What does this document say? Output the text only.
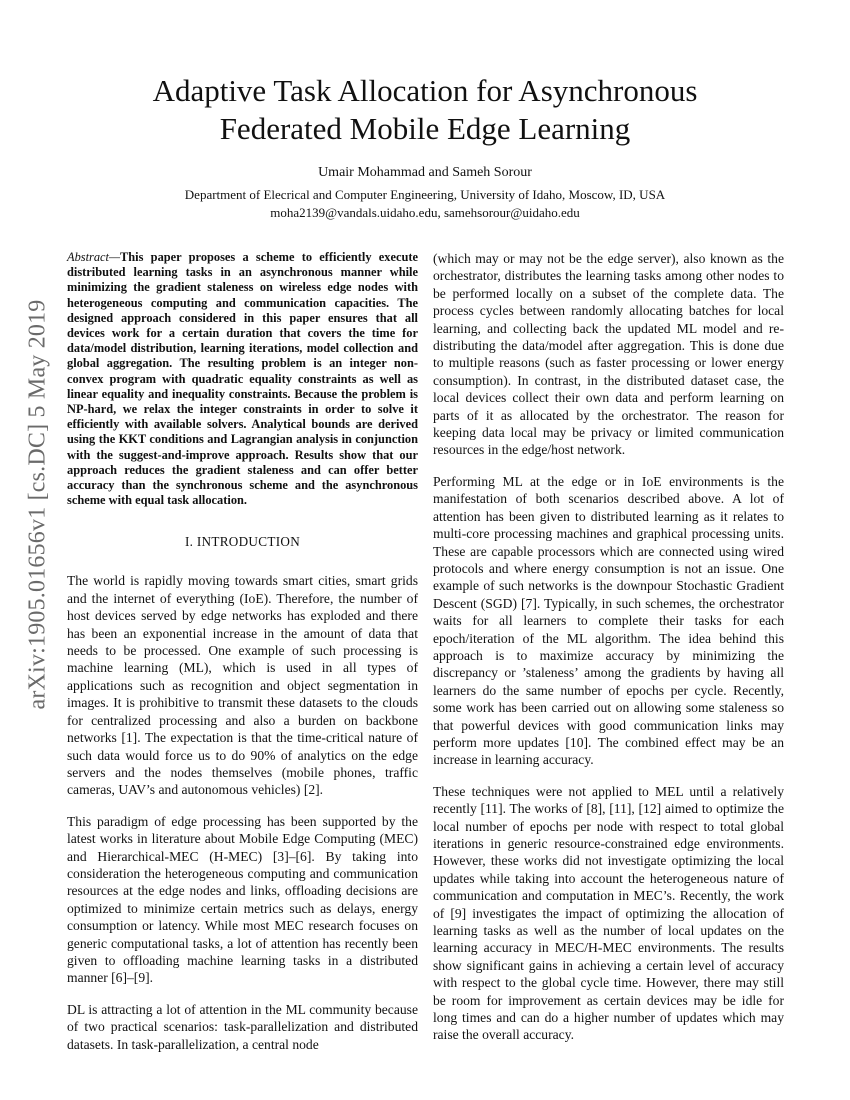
arXiv:1905.01656v1 [cs.DC] 5 May 2019
Adaptive Task Allocation for Asynchronous
Federated Mobile Edge Learning
Umair Mohammad and Sameh Sorour
Department of Elecrical and Computer Engineering, University of Idaho, Moscow, ID, USA
moha2139@vandals.uidaho.edu, samehsorour@uidaho.edu

Abstract—This paper proposes a scheme to efficiently execute distributed learning tasks in an asynchronous manner while minimizing the gradient staleness on wireless edge nodes with heterogeneous computing and communication capacities. The designed approach considered in this paper ensures that all devices work for a certain duration that covers the time for data/model distribution, learning iterations, model collection and global aggregation. The resulting problem is an integer non-convex program with quadratic equality constraints as well as linear equality and inequality constraints. Because the problem is NP-hard, we relax the integer constraints in order to solve it efficiently with available solvers. Analytical bounds are derived using the KKT conditions and Lagrangian analysis in conjunction with the suggest-and-improve approach. Results show that our approach reduces the gradient staleness and can offer better accuracy than the synchronous scheme and the asynchronous scheme with equal task allocation.

I. INTRODUCTION

The world is rapidly moving towards smart cities, smart grids and the internet of everything (IoE). Therefore, the number of host devices served by edge networks has exploded and there has been an exponential increase in the amount of data that needs to be processed. One example of such processing is machine learning (ML), which is used in all types of applications such as recognition and object segmentation in images. It is prohibitive to transmit these datasets to the clouds for centralized processing and also a burden on backbone networks [1]. The expectation is that the time-critical nature of such data would force us to do 90% of analytics on the edge servers and the nodes themselves (mobile phones, traffic cameras, UAV’s and autonomous vehicles) [2].

This paradigm of edge processing has been supported by the latest works in literature about Mobile Edge Computing (MEC) and Hierarchical-MEC (H-MEC) [3]–[6]. By taking into consideration the heterogeneous computing and communication resources at the edge nodes and links, offloading decisions are optimized to minimize certain metrics such as delays, energy consumption or latency. While most MEC research focuses on generic computational tasks, a lot of attention has recently been given to offloading machine learning tasks in a distributed manner [6]–[9].

DL is attracting a lot of attention in the ML community because of two practical scenarios: task-parallelization and distributed datasets. In task-parallelization, a central node

(which may or may not be the edge server), also known as the orchestrator, distributes the learning tasks among other nodes to be performed locally on a subset of the complete data. The process cycles between randomly allocating batches for local learning, and collecting back the updated ML model and re-distributing the data/model after aggregation. This is done due to multiple reasons (such as faster processing or lower energy consumption). In contrast, in the distributed dataset case, the local devices collect their own data and perform learning on parts of it as allocated by the orchestrator. The reason for keeping data local may be privacy or limited communication resources in the edge/host network.

Performing ML at the edge or in IoE environments is the manifestation of both scenarios described above. A lot of attention has been given to distributed learning as it relates to multi-core processing machines and graphical processing units. These are capable processors which are connected using wired protocols and where energy consumption is not an issue. One example of such networks is the downpour Stochastic Gradient Descent (SGD) [7]. Typically, in such schemes, the orchestrator waits for all learners to complete their tasks for each epoch/iteration of the ML algorithm. The idea behind this approach is to maximize accuracy by minimizing the discrepancy or ’staleness’ among the gradients by having all learners do the same number of epochs per cycle. Recently, some work has been carried out on allowing some staleness so that powerful devices with good communication links may perform more updates [10]. The combined effect may be an increase in learning accuracy.

These techniques were not applied to MEL until a relatively recently [11]. The works of [8], [11], [12] aimed to optimize the local number of epochs per node with respect to total global iterations in generic resource-constrained edge environments. However, these works did not investigate optimizing the local updates while taking into account the heterogeneous nature of communication and computation in MEC’s. Recently, the work of [9] investigates the impact of optimizing the allocation of learning tasks as well as the number of local updates on the learning accuracy in MEC/H-MEC environments. The results show significant gains in achieving a certain level of accuracy with respect to the global cycle time. However, there may still be room for improvement as certain devices may be idle for long times and can do a higher number of updates which may raise the overall accuracy.
